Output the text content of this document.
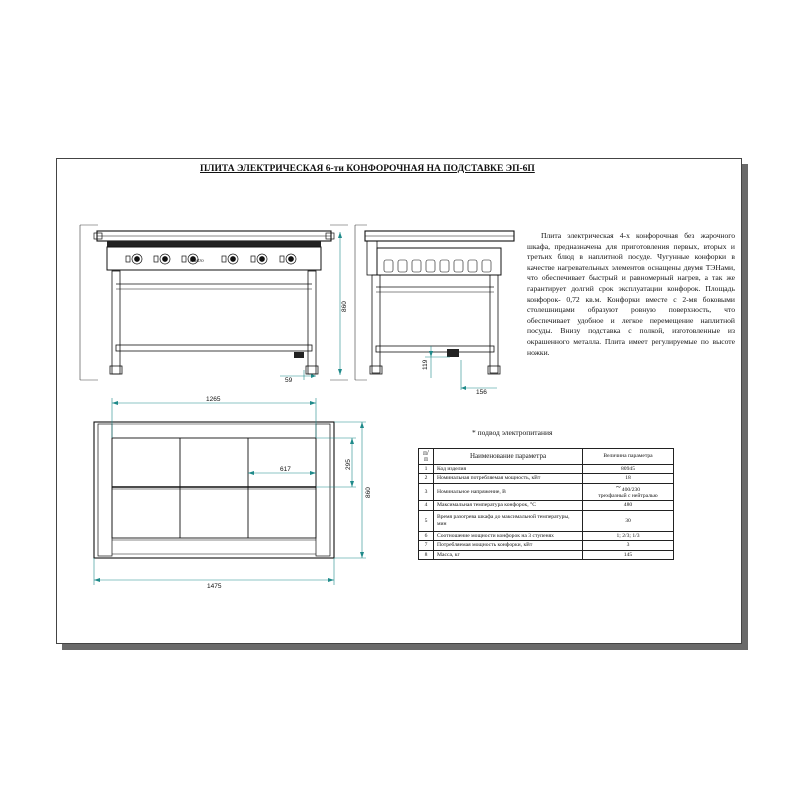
ПЛИТА ЭЛЕКТРИЧЕСКАЯ 6-ти КОНФОРОЧНАЯ НА ПОДСТАВКЕ ЭП-6П
860
59
119
156
1265
617	295
860
1475
Gastro
Плита электрическая 4-х конфорочная без жарочного шкафа, предназначена для приготовления первых, вторых и третьих блюд в наплитной посуде. Чугунные конфорки в качестве нагревательных элементов оснащены двумя ТЭНами, что обеспечивает быстрый и равномерный нагрев, а так же гарантирует долгий срок эксплуатации конфорок. Площадь конфорок- 0,72 кв.м. Конфорки вместе с 2-мя боковыми столешницами образуют ровную поверхность, что обеспечивает удобное и легкое перемещение наплитной посуды. Внизу подставка с полкой, изготовленные из окрашенного металла. Плита имеет регулируемые по высоте ножки.
* подвод электропитания
п/п	Наименование параметра	Величина параметра
1	Код изделия	80945
2	Номинальная потребляемая мощность, кВт	18
3	Номинальное напряжение, В	~400/230
трехфазный с нейтралью

4	Максимальная температура конфорок, °С	480
5	Время разогрева шкафа до максимальной температуры, мин	30
6	Соотношение мощности конфорок на 3 ступенях	1; 2/3; 1/3
7	Потребляемая мощность конфорки, кВт	3
8	Масса, кг	145
